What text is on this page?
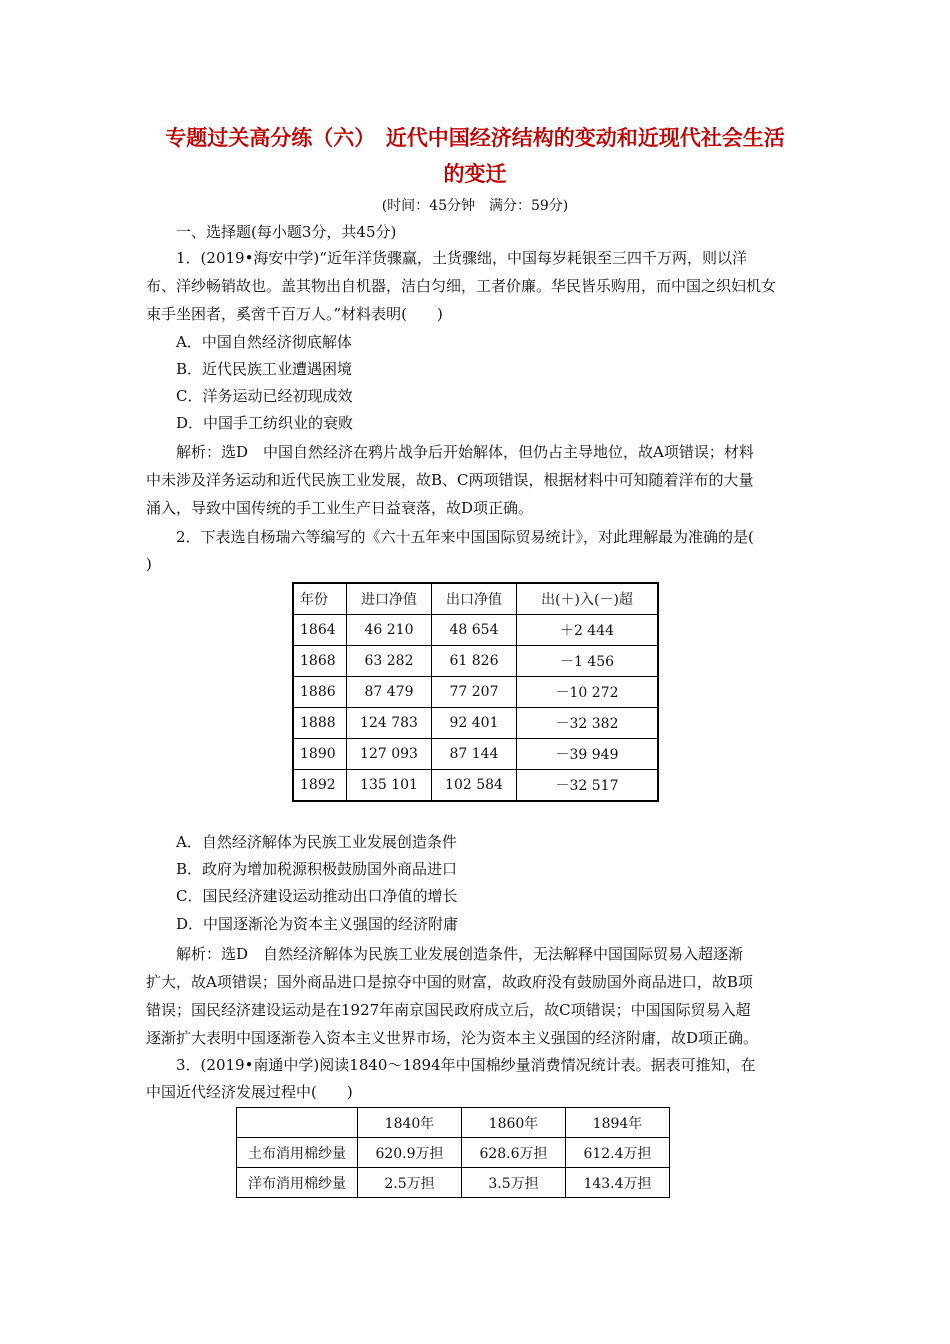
专题过关高分练（六）　近代中国经济结构的变动和近现代社会生活
的变迁
(时间：45分钟　满分：59分)
一、选择题(每小题3分，共45分)
1．(2019•海安中学)“近年洋货骤赢，土货骤绌，中国每岁耗银至三四千万两，则以洋
布、洋纱畅销故也。盖其物出自机器，洁白匀细，工者价廉。华民皆乐购用，而中国之织妇机女
束手坐困者，奚啻千百万人。”材料表明(　　)
A．中国自然经济彻底解体
B．近代民族工业遭遇困境
C．洋务运动已经初现成效
D．中国手工纺织业的衰败
解析：选D　中国自然经济在鸦片战争后开始解体，但仍占主导地位，故A项错误；材料
中未涉及洋务运动和近代民族工业发展，故B、C两项错误，根据材料中可知随着洋布的大量
涌入，导致中国传统的手工业生产日益衰落，故D项正确。
2．下表选自杨瑞六等编写的《六十五年来中国国际贸易统计》，对此理解最为准确的是(
)
年份	进口净值	出口净值	出(＋)入(－)超
1864	46 210	48 654	＋2 444
1868	63 282	61 826	－1 456
1886	87 479	77 207	－10 272
1888	124 783	92 401	－32 382
1890	127 093	87 144	－39 949
1892	135 101	102 584	－32 517
A．自然经济解体为民族工业发展创造条件
B．政府为增加税源积极鼓励国外商品进口
C．国民经济建设运动推动出口净值的增长
D．中国逐渐沦为资本主义强国的经济附庸
解析：选D　自然经济解体为民族工业发展创造条件，无法解释中国国际贸易入超逐渐
扩大，故A项错误；国外商品进口是掠夺中国的财富，故政府没有鼓励国外商品进口，故B项
错误；国民经济建设运动是在1927年南京国民政府成立后，故C项错误；中国国际贸易入超
逐渐扩大表明中国逐渐卷入资本主义世界市场，沦为资本主义强国的经济附庸，故D项正确。
3．(2019•南通中学)阅读1840～1894年中国棉纱量消费情况统计表。据表可推知，在
中国近代经济发展过程中(　　)
	1840年	1860年	1894年
土布消用棉纱量	620.9万担	628.6万担	612.4万担
洋布消用棉纱量	2.5万担	3.5万担	143.4万担
